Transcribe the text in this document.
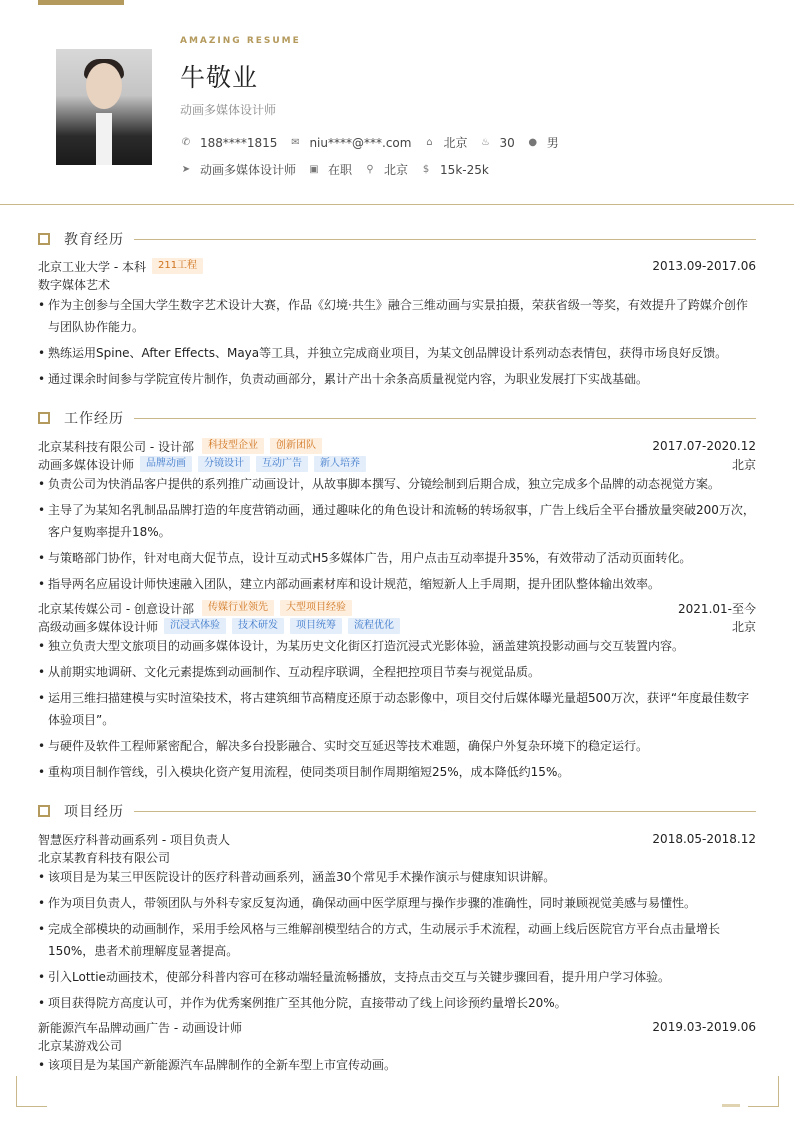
AMAZING RESUME
牛敬业
动画多媒体设计师
✆ 188****1815 ✉ niu****@***.com ⌂ 北京 ♨ 30 ● 男
➤ 动画多媒体设计师 ▣ 在职 ⚲ 北京 $ 15k-25k
教育经历
北京工业大学 - 本科	211工程	2013.09-2017.06
数字媒体艺术
• 作为主创参与全国大学生数字艺术设计大赛，作品《幻境·共生》融合三维动画与实景拍摄，荣获省级一等奖，有效提升了跨媒介创作
与团队协作能力。
• 熟练运用Spine、After Effects、Maya等工具，并独立完成商业项目，为某文创品牌设计系列动态表情包，获得市场良好反馈。
• 通过课余时间参与学院宣传片制作，负责动画部分，累计产出十余条高质量视觉内容，为职业发展打下实战基础。
工作经历
北京某科技有限公司 - 设计部	科技型企业	创新团队	2017.07-2020.12
动画多媒体设计师	品牌动画	分镜设计	互动广告	新人培养	北京
• 负责公司为快消品客户提供的系列推广动画设计，从故事脚本撰写、分镜绘制到后期合成，独立完成多个品牌的动态视觉方案。
• 主导了为某知名乳制品品牌打造的年度营销动画，通过趣味化的角色设计和流畅的转场叙事，广告上线后全平台播放量突破200万次，
客户复购率提升18%。
• 与策略部门协作，针对电商大促节点，设计互动式H5多媒体广告，用户点击互动率提升35%，有效带动了活动页面转化。
• 指导两名应届设计师快速融入团队，建立内部动画素材库和设计规范，缩短新人上手周期，提升团队整体输出效率。
北京某传媒公司 - 创意设计部	传媒行业领先	大型项目经验	2021.01-至今
高级动画多媒体设计师	沉浸式体验	技术研发	项目统筹	流程优化	北京
• 独立负责大型文旅项目的动画多媒体设计，为某历史文化街区打造沉浸式光影体验，涵盖建筑投影动画与交互装置内容。
• 从前期实地调研、文化元素提炼到动画制作、互动程序联调，全程把控项目节奏与视觉品质。
• 运用三维扫描建模与实时渲染技术，将古建筑细节高精度还原于动态影像中，项目交付后媒体曝光量超500万次，获评“年度最佳数字
体验项目”。
• 与硬件及软件工程师紧密配合，解决多台投影融合、实时交互延迟等技术难题，确保户外复杂环境下的稳定运行。
• 重构项目制作管线，引入模块化资产复用流程，使同类项目制作周期缩短25%，成本降低约15%。
项目经历
智慧医疗科普动画系列 - 项目负责人	2018.05-2018.12
北京某教育科技有限公司
• 该项目是为某三甲医院设计的医疗科普动画系列，涵盖30个常见手术操作演示与健康知识讲解。
• 作为项目负责人，带领团队与外科专家反复沟通，确保动画中医学原理与操作步骤的准确性，同时兼顾视觉美感与易懂性。
• 完成全部模块的动画制作，采用手绘风格与三维解剖模型结合的方式，生动展示手术流程，动画上线后医院官方平台点击量增长
150%，患者术前理解度显著提高。
• 引入Lottie动画技术，使部分科普内容可在移动端轻量流畅播放，支持点击交互与关键步骤回看，提升用户学习体验。
• 项目获得院方高度认可，并作为优秀案例推广至其他分院，直接带动了线上问诊预约量增长20%。
新能源汽车品牌动画广告 - 动画设计师	2019.03-2019.06
北京某游戏公司
• 该项目是为某国产新能源汽车品牌制作的全新车型上市宣传动画。
